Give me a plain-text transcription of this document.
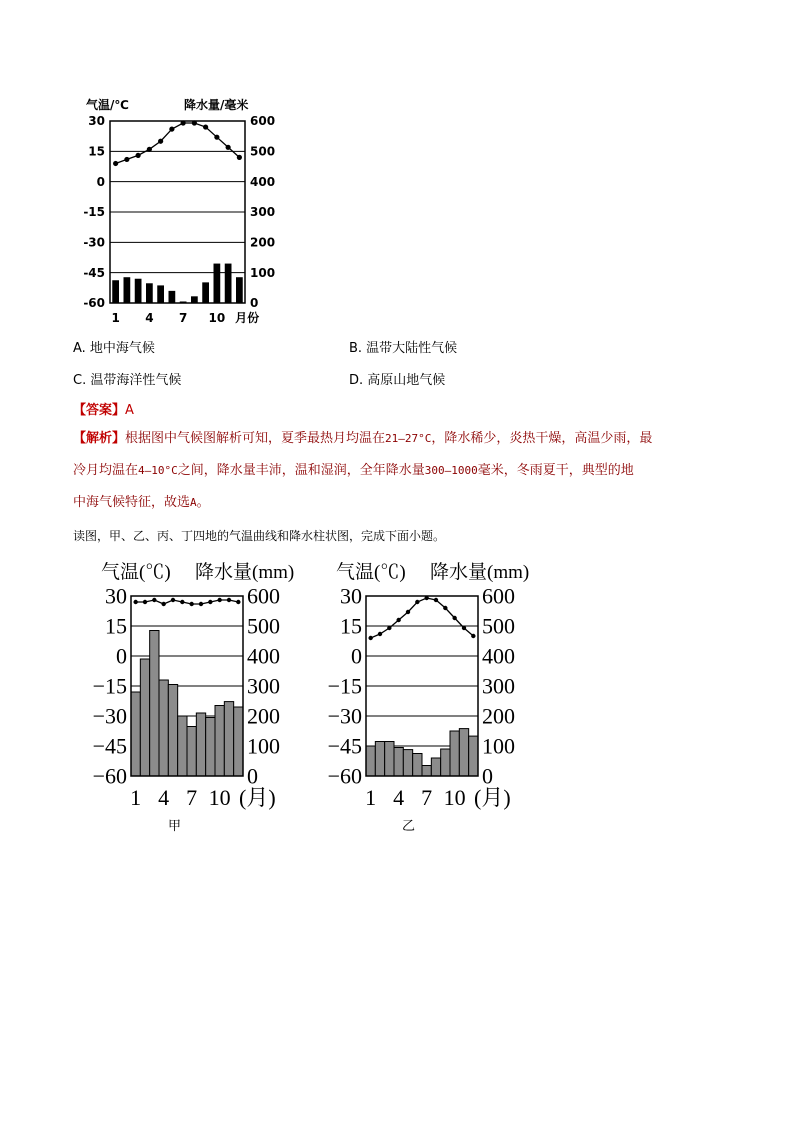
气温/℃	降水量/毫米
30
15
0
-15
-30
-45
-60
600
500
400
300
200
100
0
1 4 7 10 月份
A. 地中海气候	B. 温带大陆性气候
C. 温带海洋性气候	D. 高原山地气候
【答案】A
【解析】根据图中气候图解析可知，夏季最热月均温在21—27°C，降水稀少，炎热干燥，高温少雨，最
冷月均温在4—10°C之间，降水量丰沛，温和湿润，全年降水量300—1000毫米，冬雨夏干，典型的地
中海气候特征，故选A。
读图，甲、乙、丙、丁四地的气温曲线和降水柱状图，完成下面小题。
气温(℃) 降水量(mm)
30
15
0
−15
−30
−45
−60
600
500
400
300
200
100
0
1 4 7 10 (月)
甲
气温(℃) 降水量(mm)
30
15
0
−15
−30
−45
−60
600
500
400
300
200
100
0
1 4 7 10 (月)
乙
